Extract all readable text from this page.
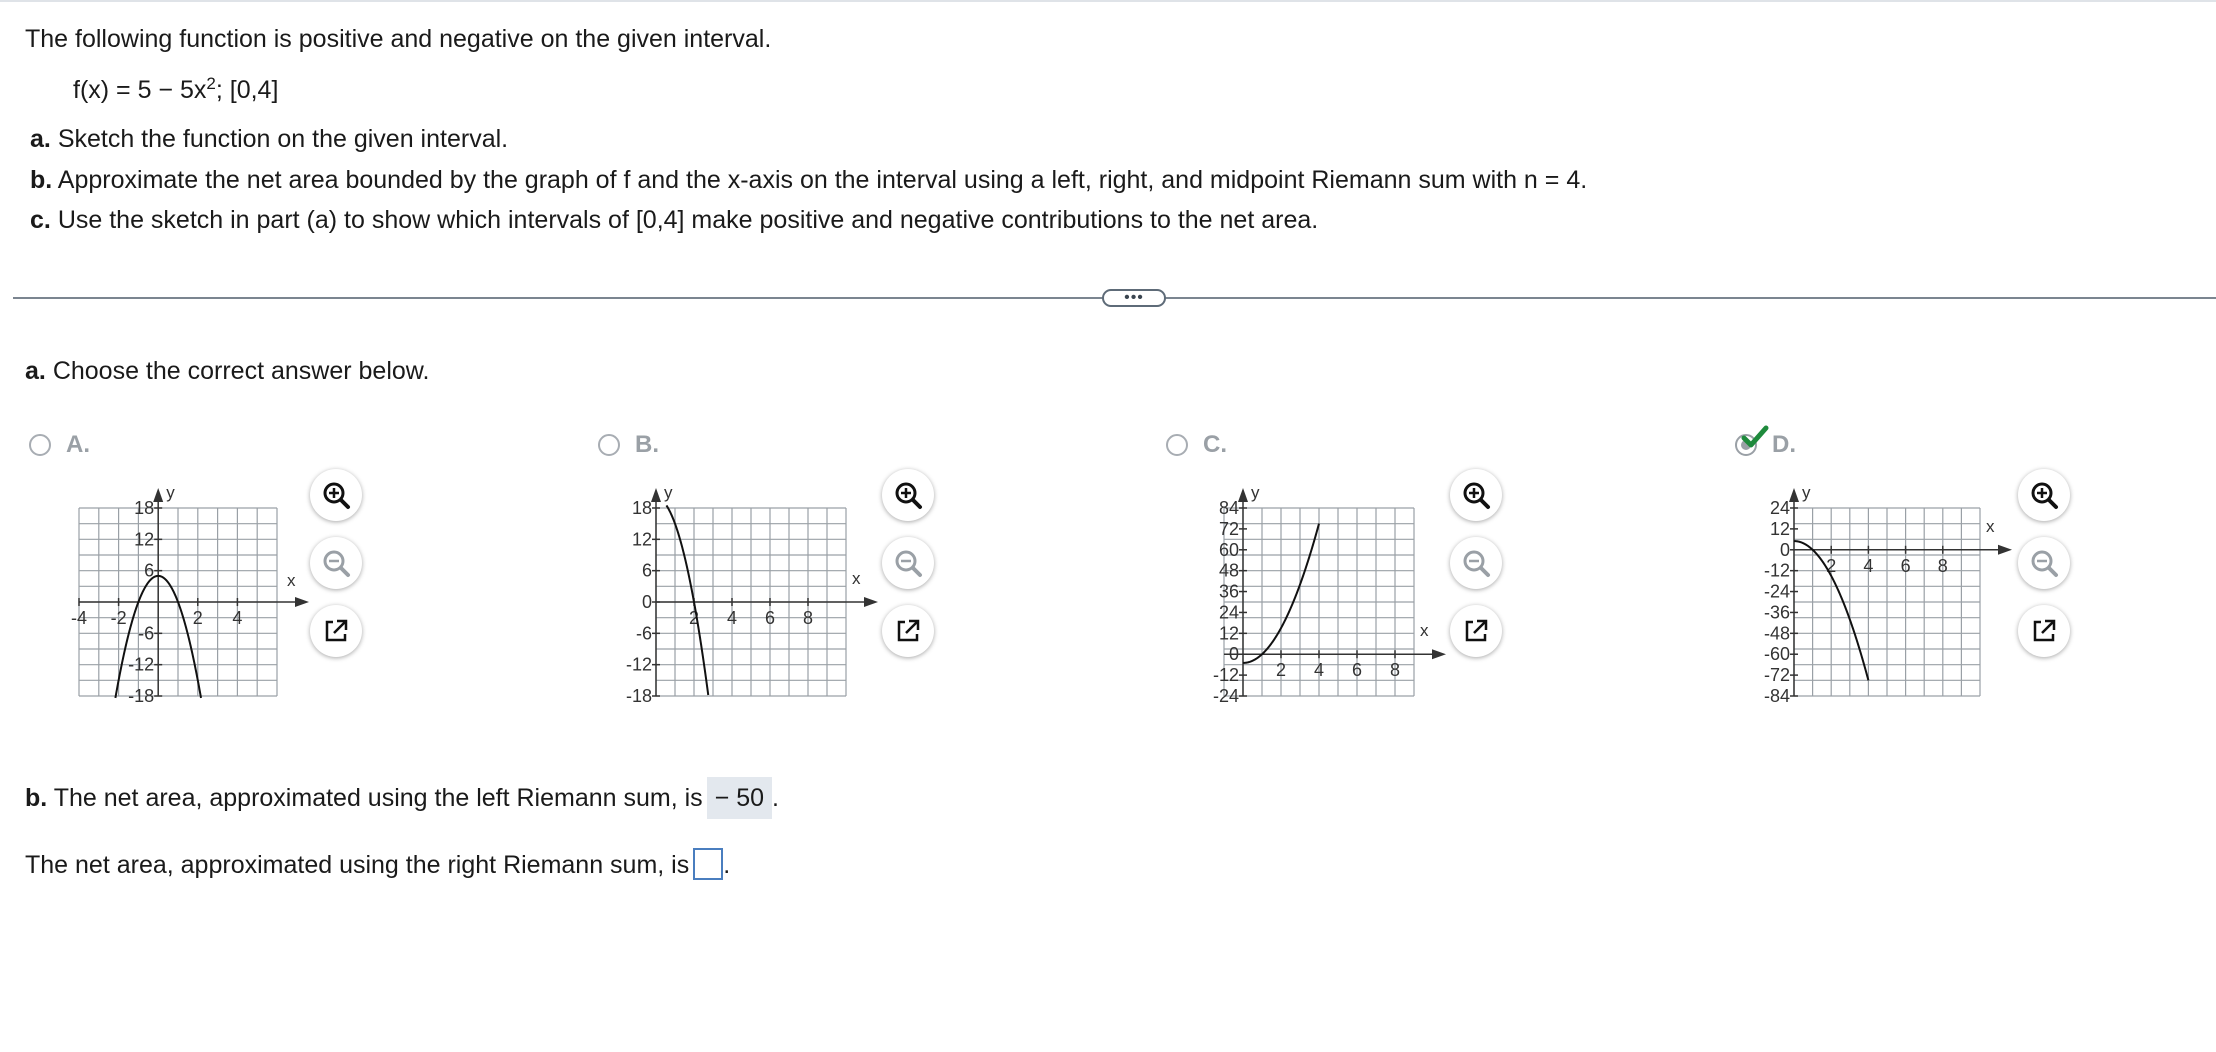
The following function is positive and negative on the given interval.
$f(x) = 5 - 5x^2$; [0,4]
a. Sketch the function on the given interval.
b. Approximate the net area bounded by the graph of f and the x-axis on the interval using a left, right, and midpoint Riemann sum with n = 4.
c. Use the sketch in part (a) to show which intervals of [0,4] make positive and negative contributions to the net area.
•••
a. Choose the correct answer below.
A.
y
x
18
12
6
-6
-12
-18
-4 -2	2 4
B.
y
x
18
12
6
0
-6
-12
-18
2 4 6 8
C.
y
x
84
72
60
48
36
24
12
0
-12
-24
2 4 6 8
D.
y
x
24
12
0
-12
-24
-36
-48
-60
-72
-84
2 4 6 8
b. The net area, approximated using the left Riemann sum, is − 50 .
The net area, approximated using the right Riemann sum, is .
